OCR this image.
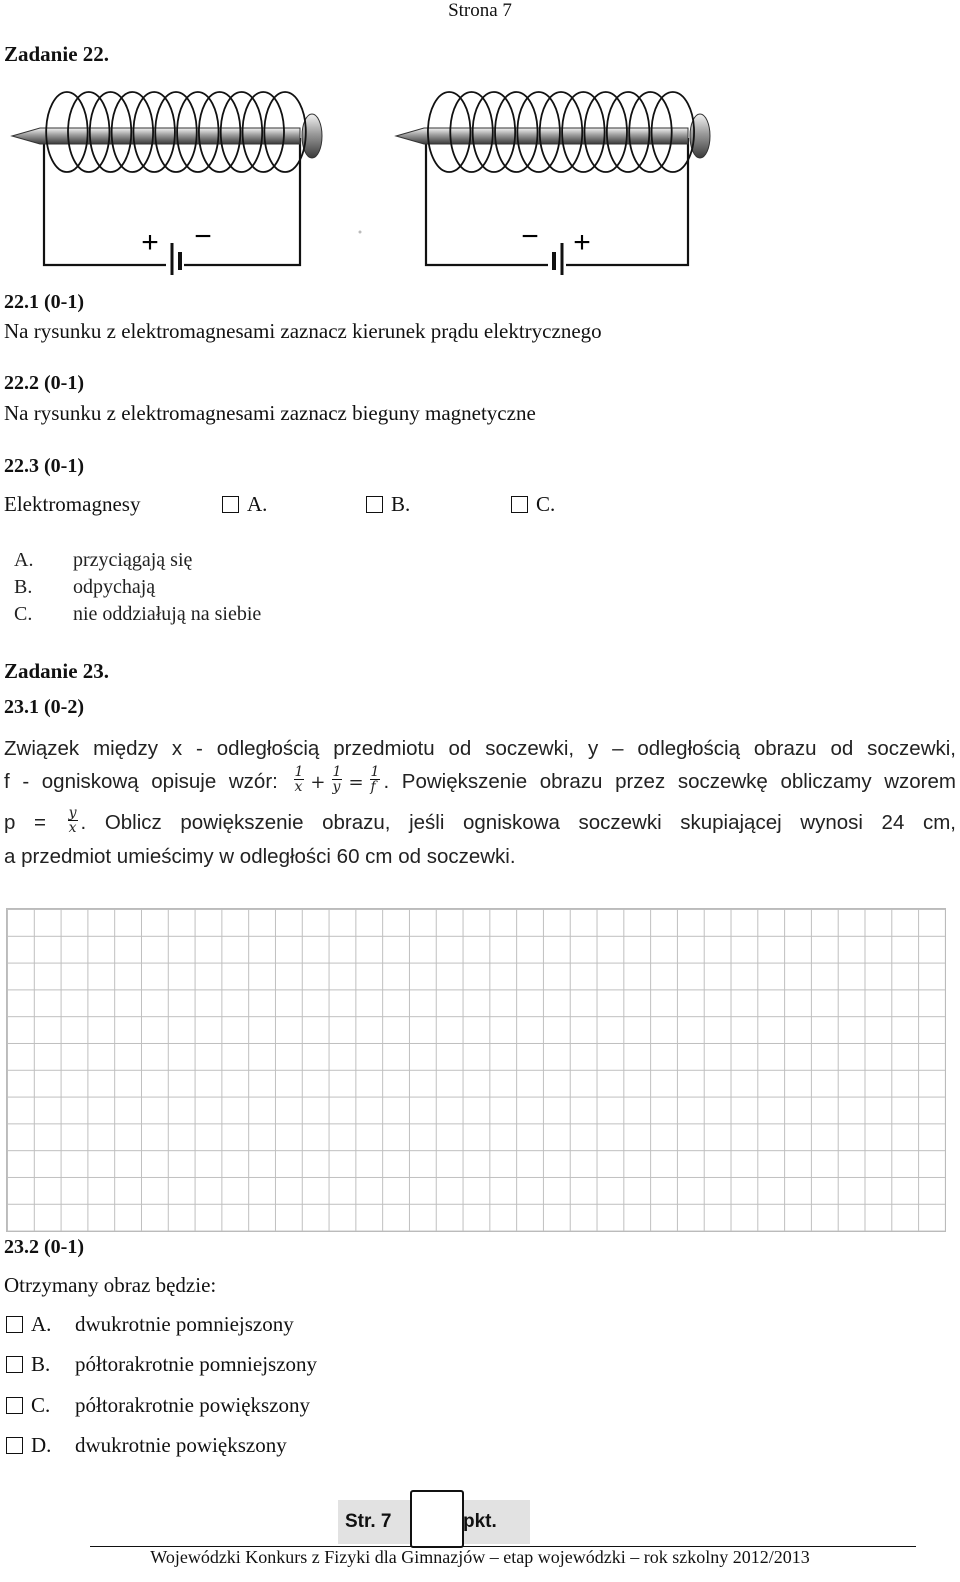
Strona 7
Zadanie 22.
+ −	− +
22.1 (0-1)
Na rysunku z elektromagnesami zaznacz kierunek prądu elektrycznego
22.2 (0-1)
Na rysunku z elektromagnesami zaznacz bieguny magnetyczne
22.3 (0-1)
Elektromagnesy	A.	B.	C.
A. przyciągają się
B. odpychają
C. nie oddziałują na siebie
Zadanie 23.
23.1 (0-2)
Związek między x - odległością przedmiotu od soczewki, y – odległością obrazu od soczewki,
f - ogniskową opisuje wzór: $\frac{1}{x} + \frac{1}{y} = \frac{1}{f}$ . Powiększenie obrazu przez soczewkę obliczamy wzorem
$p = \frac{y}{x}$ . Oblicz powiększenie obrazu, jeśli ogniskowa soczewki skupiającej wynosi 24 cm,
a przedmiot umieścimy w odległości 60 cm od soczewki.
23.2 (0-1)
Otrzymany obraz będzie:
A. dwukrotnie pomniejszony
B. półtorakrotnie pomniejszony
C. półtorakrotnie powiększony
D. dwukrotnie powiększony
Str. 7	pkt.
Wojewódzki Konkurs z Fizyki dla Gimnazjów – etap wojewódzki – rok szkolny 2012/2013
